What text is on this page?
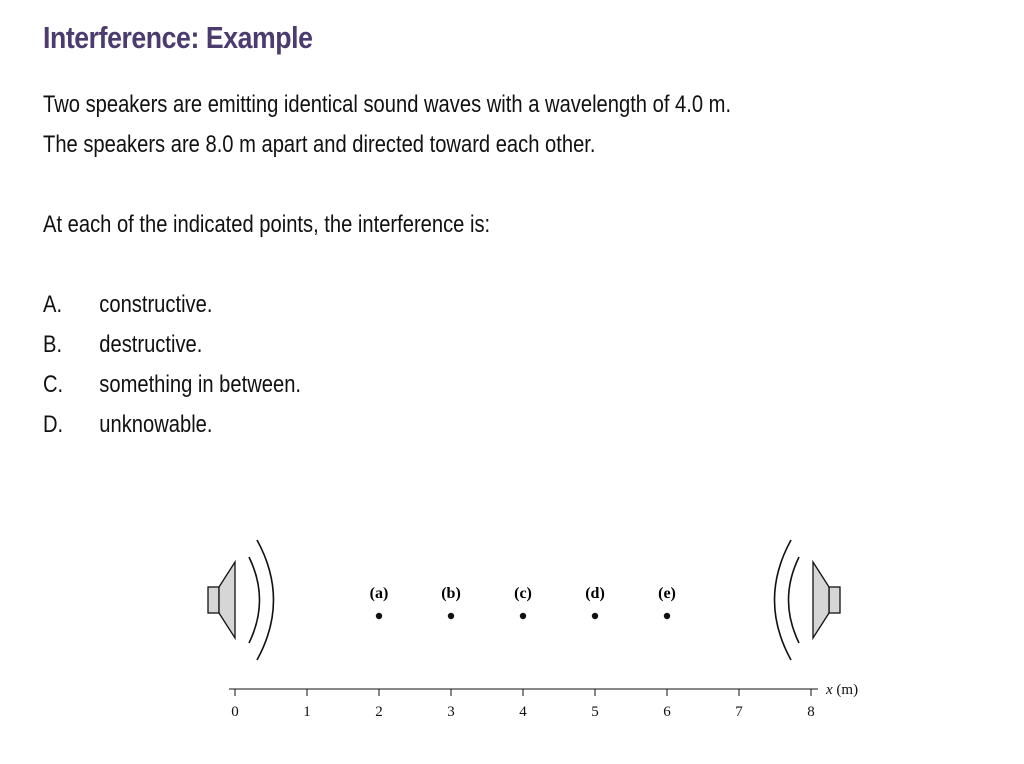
Interference: Example
Two speakers are emitting identical sound waves with a wavelength of 4.0 m.
The speakers are 8.0 m apart and directed toward each other.
At each of the indicated points, the interference is:
A. constructive.
B. destructive.
C. something in between.
D. unknowable.
(a)	(b)	(c)	(d)	(e)
0	1	2	3	4	5	6	7	8
x (m)
